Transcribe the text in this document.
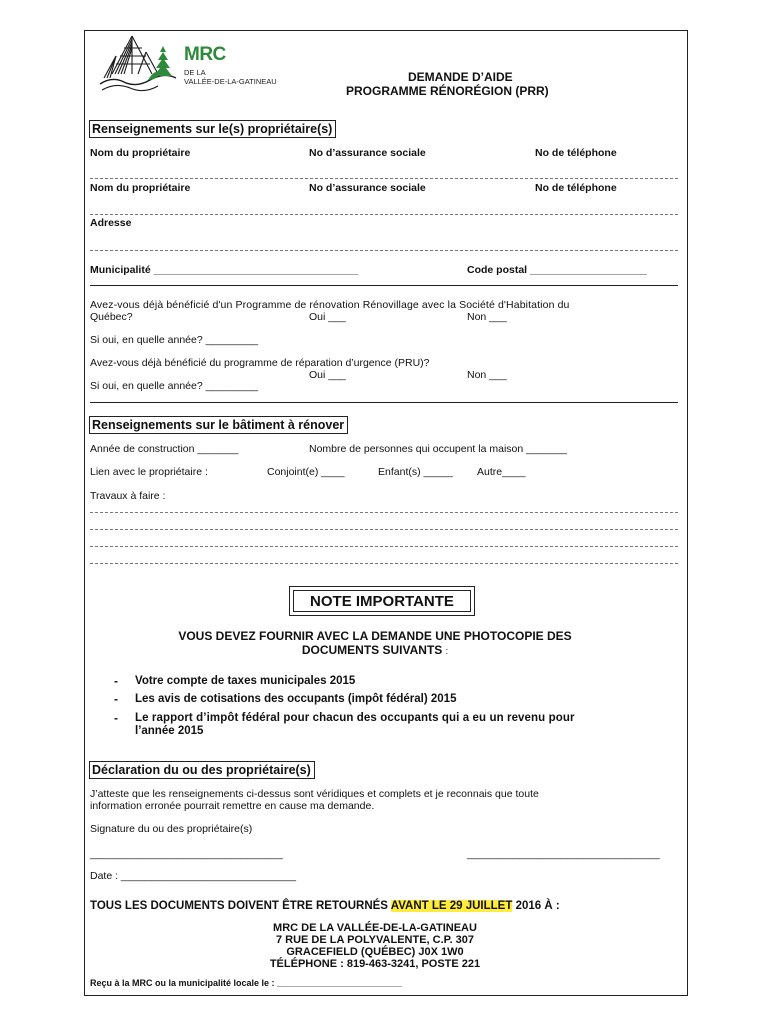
MRC
DE LA
VALLÉE-DE-LA-GATINEAU	DEMANDE D’AIDE
PROGRAMME RÉNORÉGION (PRR)
Renseignements sur le(s) propriétaire(s)
Nom du propriétaire	No d’assurance sociale	No de téléphone
Nom du propriétaire	No d’assurance sociale	No de téléphone
Adresse
Municipalité ___________________________________	Code postal ____________________
Avez-vous déjà bénéficié d'un Programme de rénovation Rénovillage avec la Société d'Habitation du
Québec?	Oui ___	Non ___
Si oui, en quelle année? _________
Avez-vous déjà bénéficié du programme de réparation d’urgence (PRU)?
Oui ___	Non ___
Si oui, en quelle année? _________
Renseignements sur le bâtiment à rénover
Année de construction _______	Nombre de personnes qui occupent la maison _______
Lien avec le propriétaire :	Conjoint(e) ____	Enfant(s) _____ Autre____
Travaux à faire :
NOTE IMPORTANTE
VOUS DEVEZ FOURNIR AVEC LA DEMANDE UNE PHOTOCOPIE DES
DOCUMENTS SUIVANTS :
- Votre compte de taxes municipales 2015
- Les avis de cotisations des occupants (impôt fédéral) 2015
- Le rapport d’impôt fédéral pour chacun des occupants qui a eu un revenu pour
l’année 2015
Déclaration du ou des propriétaire(s)
J’atteste que les renseignements ci-dessus sont véridiques et complets et je reconnais que toute
information erronée pourrait remettre en cause ma demande.
Signature du ou des propriétaire(s)
_________________________________	_________________________________
Date : ______________________________
TOUS LES DOCUMENTS DOIVENT ÊTRE RETOURNÉS AVANT LE 29 JUILLET 2016 À :
MRC DE LA VALLÉE-DE-LA-GATINEAU
7 RUE DE LA POLYVALENTE, C.P. 307
GRACEFIELD (QUÉBEC) J0X 1W0
TÉLÉPHONE : 819-463-3241, POSTE 221
Reçu à la MRC ou la municipalité locale le : _________________________
